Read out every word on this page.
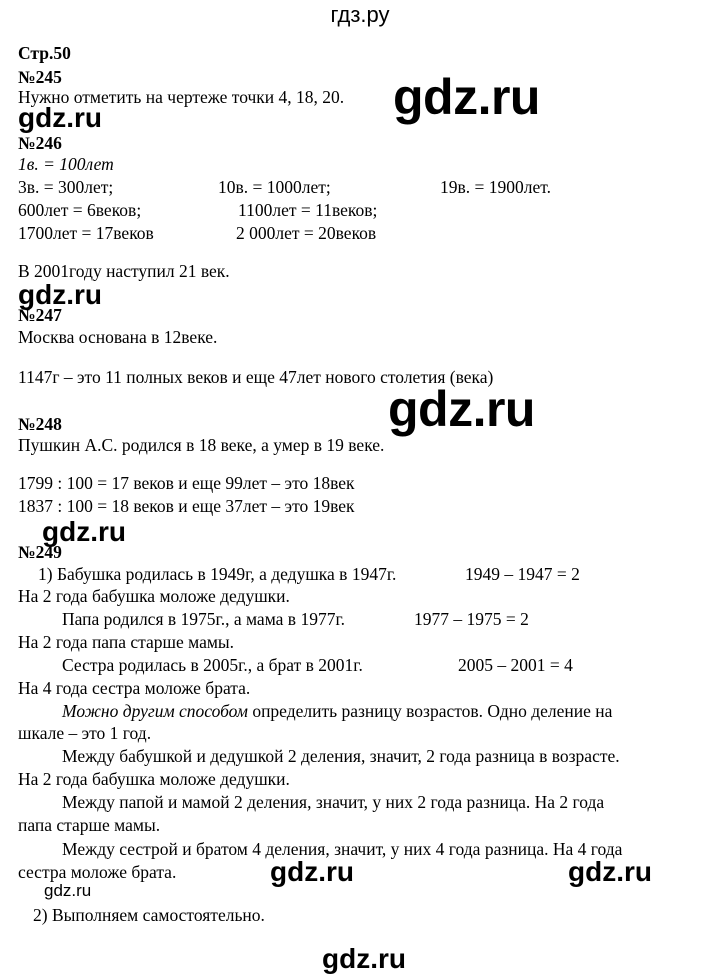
гдз.ру
Стр.50
№245
Нужно отметить на чертеже точки 4, 18, 20.
№246
1в. = 100лет
3в. = 300лет;	10в. = 1000лет;	19в. = 1900лет.
600лет = 6веков;	1100лет = 11веков;
1700лет = 17веков	2 000лет = 20веков
В 2001году наступил 21 век.
№247
Москва основана в 12веке.
1147г – это 11 полных веков и еще 47лет нового столетия (века)
№248
Пушкин А.С. родился в 18 веке, а умер в 19 веке.
1799 : 100 = 17 веков и еще 99лет – это 18век
1837 : 100 = 18 веков и еще 37лет – это 19век
№249
1) Бабушка родилась в 1949г, а дедушка в 1947г.	1949 – 1947 = 2
На 2 года бабушка моложе дедушки.
Папа родился в 1975г., а мама в 1977г.	1977 – 1975 = 2
На 2 года папа старше мамы.
Сестра родилась в 2005г., а брат в 2001г.	2005 – 2001 = 4
На 4 года сестра моложе брата.
Можно другим способом определить разницу возрастов. Одно деление на
шкале – это 1 год.
Между бабушкой и дедушкой 2 деления, значит, 2 года разница в возрасте.
На 2 года бабушка моложе дедушки.
Между папой и мамой 2 деления, значит, у них 2 года разница. На 2 года
папа старше мамы.
Между сестрой и братом 4 деления, значит, у них 4 года разница. На 4 года
сестра моложе брата.
2) Выполняем самостоятельно.
gdz.ru
gdz.ru
gdz.ru
gdz.ru
gdz.ru
gdz.ru	gdz.ru
gdz.ru
gdz.ru
